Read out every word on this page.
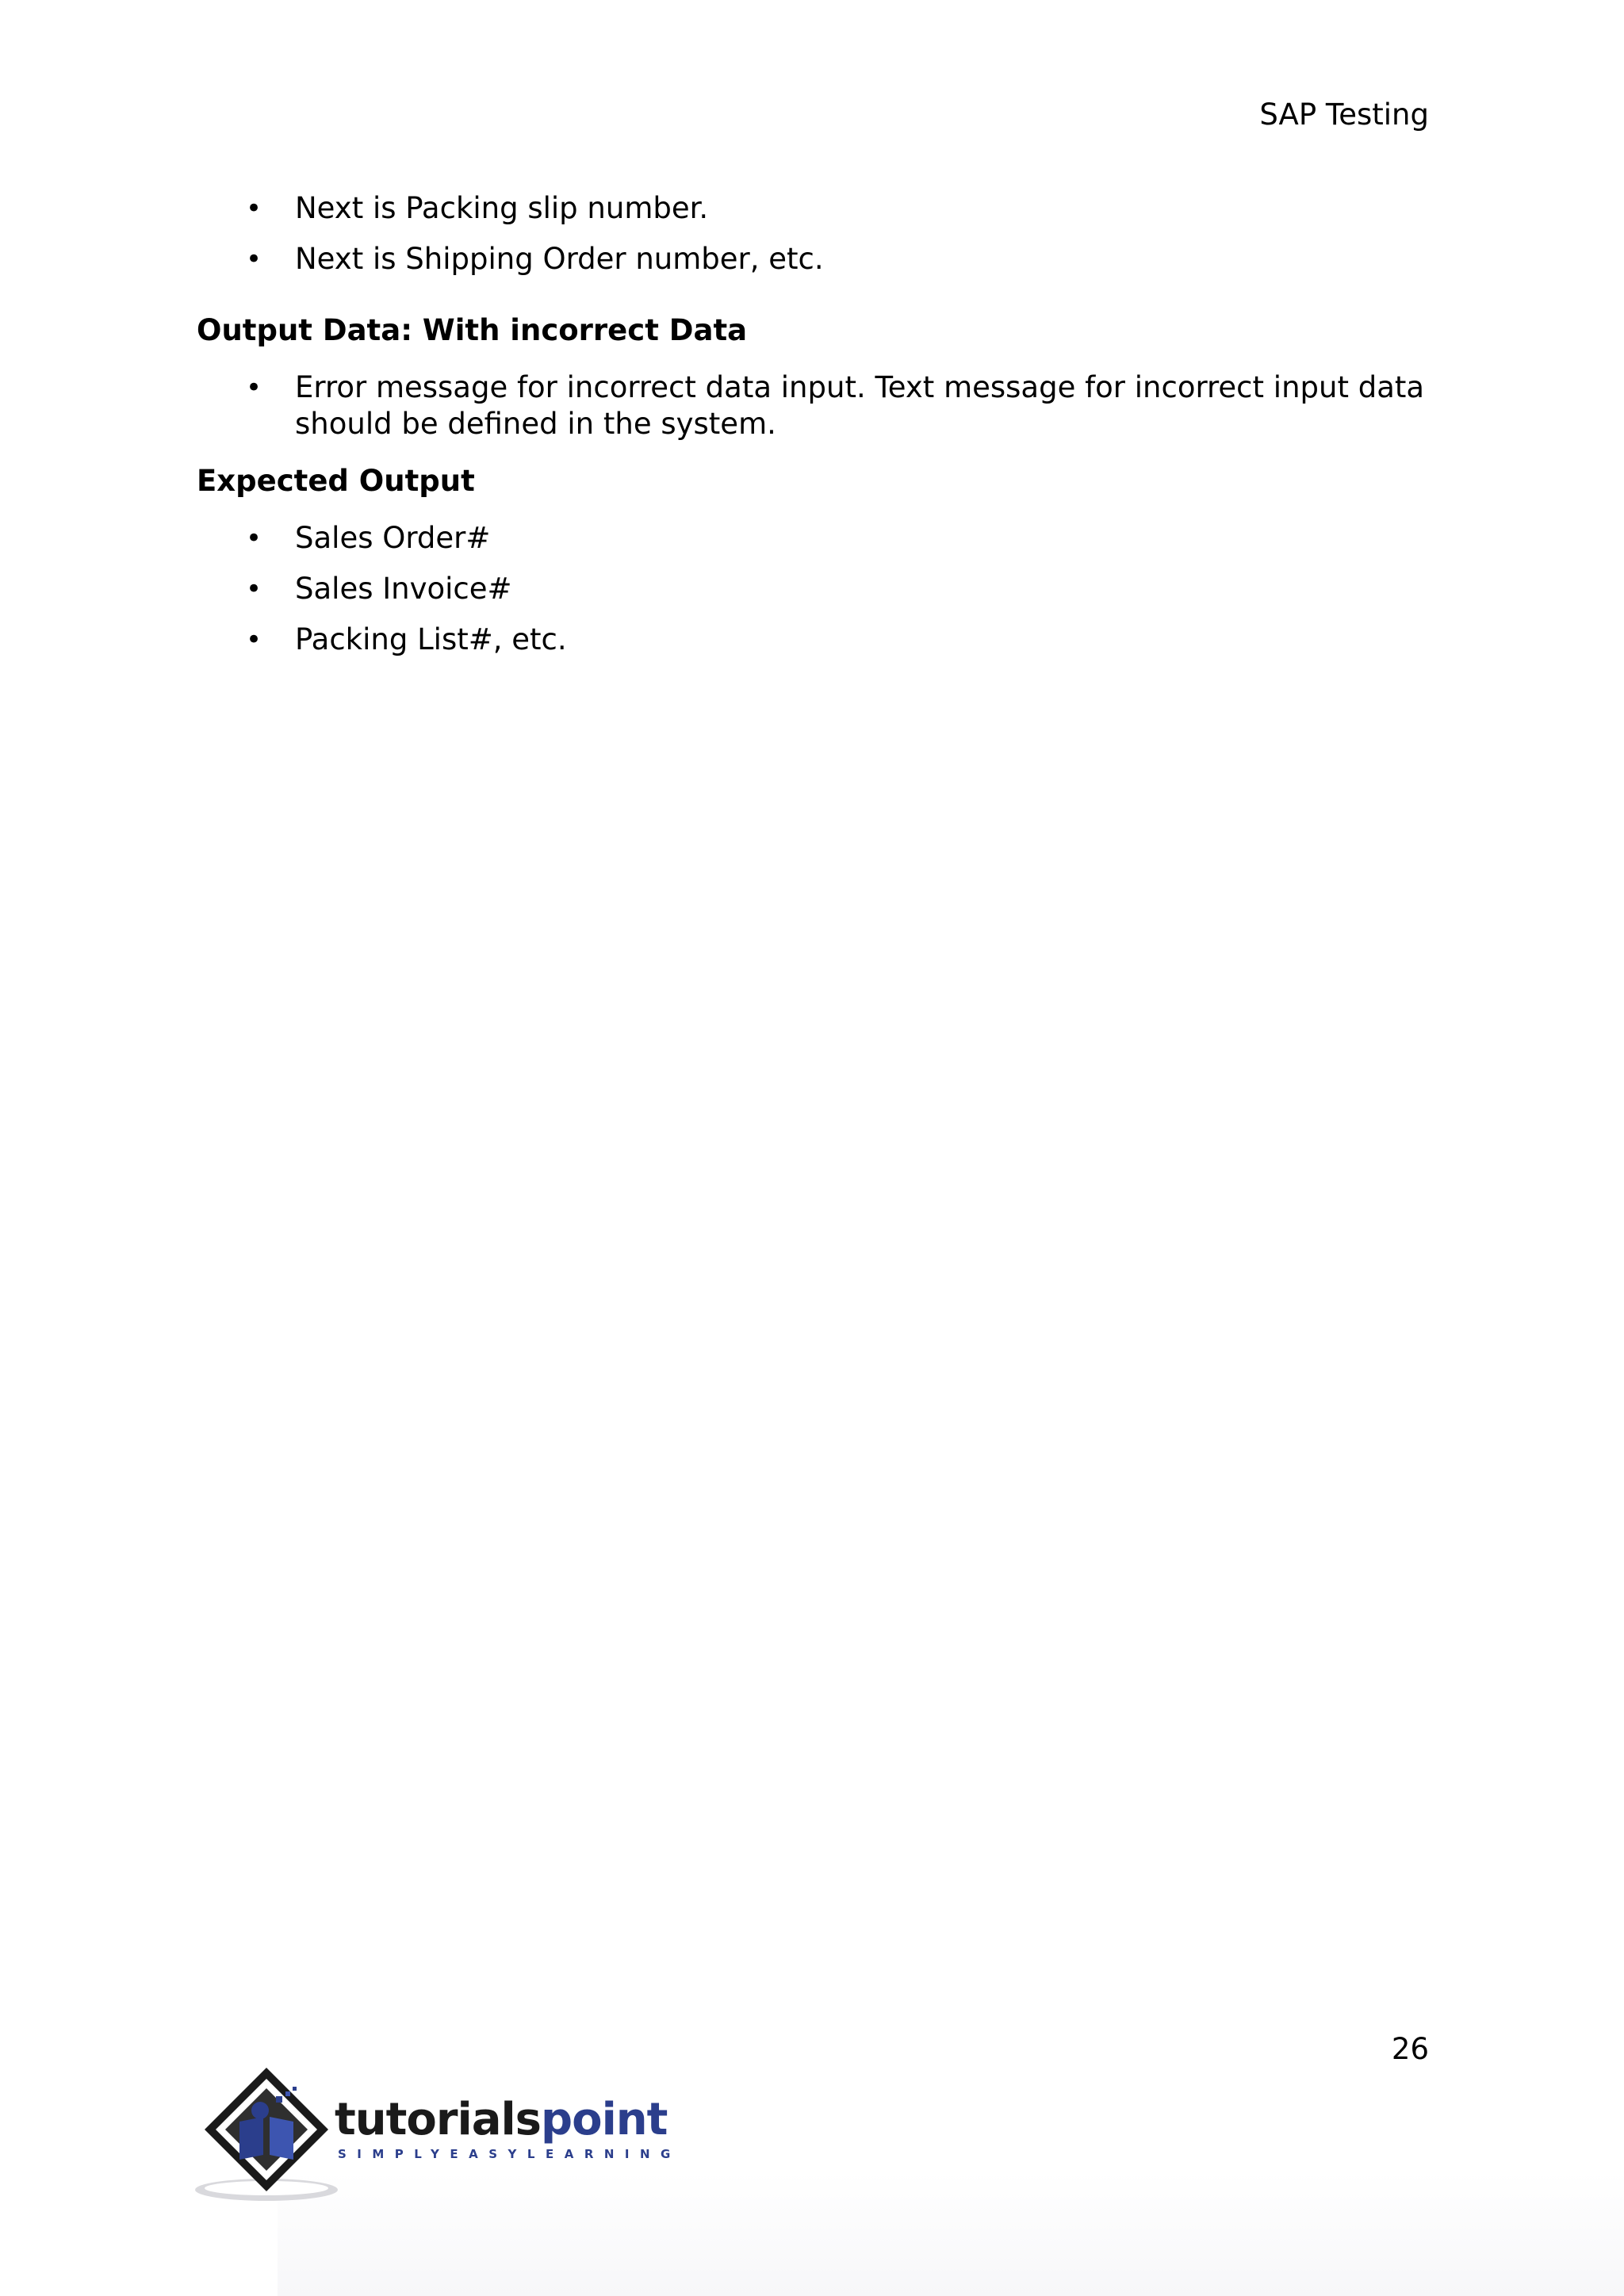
SAP Testing
• Next is Packing slip number.
• Next is Shipping Order number, etc.
Output Data: With incorrect Data
• Error message for incorrect data input. Text message for incorrect input data should be defined in the system.
Expected Output
• Sales Order#
• Sales Invoice#
• Packing List#, etc.
26
tutorialspoint
SIMPLYEASYLEARNING
